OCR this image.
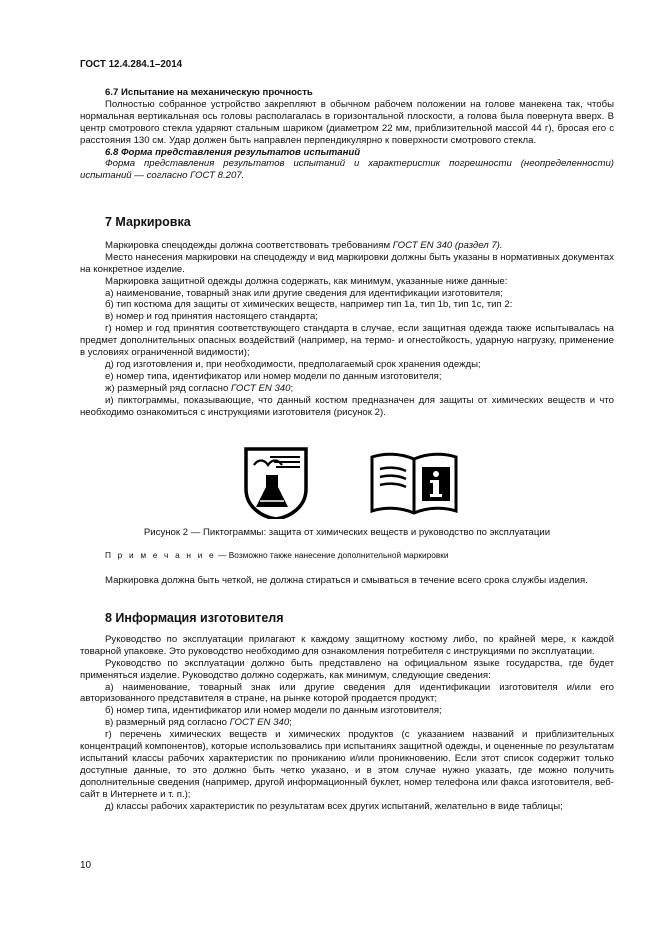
ГОСТ 12.4.284.1–2014

6.7 Испытание на механическую прочность

Полностью собранное устройство закрепляют в обычном рабочем положении на голове манекена так, чтобы нормальная вертикальная ось головы располагалась в горизонтальной плоскости, а голова была повернута вверх. В центр смотрового стекла ударяют стальным шариком (диаметром 22 мм, приблизительной массой 44 г), бросая его с расстояния 130 см. Удар должен быть направлен перпендикулярно к поверхности смотрового стекла.

6.8 Форма представления результатов испытаний

Форма представления результатов испытаний и характеристик погрешности (неопределенности) испытаний — согласно ГОСТ 8.207.

7 Маркировка

Маркировка спецодежды должна соответствовать требованиям ГОСТ EN 340 (раздел 7).

Место нанесения маркировки на спецодежду и вид маркировки должны быть указаны в нормативных документах на конкретное изделие.

Маркировка защитной одежды должна содержать, как минимум, указанные ниже данные:

а) наименование, товарный знак или другие сведения для идентификации изготовителя;

б) тип костюма для защиты от химических веществ, например тип 1a, тип 1b, тип 1c, тип 2:

в) номер и год принятия настоящего стандарта;

г) номер и год принятия соответствующего стандарта в случае, если защитная одежда также испытывалась на предмет дополнительных опасных воздействий (например, на термо- и огнестойкость, ударную нагрузку, применение в условиях ограниченной видимости);

д) год изготовления и, при необходимости, предполагаемый срок хранения одежды;

е) номер типа, идентификатор или номер модели по данным изготовителя;

ж) размерный ряд согласно ГОСТ EN 340;

и) пиктограммы, показывающие, что данный костюм предназначен для защиты от химических веществ и что необходимо ознакомиться с инструкциями изготовителя (рисунок 2).

Рисунок 2 — Пиктограммы: защита от химических веществ и руководство по эксплуатации
П р и м е ч а н и е — Возможно также нанесение дополнительной маркировки

Маркировка должна быть четкой, не должна стираться и смываться в течение всего срока службы изделия.

8 Информация изготовителя

Руководство по эксплуатации прилагают к каждому защитному костюму либо, по крайней мере, к каждой товарной упаковке. Это руководство необходимо для ознакомления потребителя с инструкциями по эксплуатации.

Руководство по эксплуатации должно быть представлено на официальном языке государства, где будет применяться изделие. Руководство должно содержать, как минимум, следующие сведения:

а) наименование, товарный знак или другие сведения для идентификации изготовителя и/или его авторизованного представителя в стране, на рынке которой продается продукт;

б) номер типа, идентификатор или номер модели по данным изготовителя;

в) размерный ряд согласно ГОСТ EN 340;

г) перечень химических веществ и химических продуктов (с указанием названий и приблизительных концентраций компонентов), которые использовались при испытаниях защитной одежды, и оцененные по результатам испытаний классы рабочих характеристик по прониканию и/или проникновению. Если этот список содержит только доступные данные, то это должно быть четко указано, и в этом случае нужно указать, где можно получить дополнительные сведения (например, другой информационный буклет, номер телефона или факса изготовителя, веб-сайт в Интернете и т. п.);

д) классы рабочих характеристик по результатам всех других испытаний, желательно в виде таблицы;

10
